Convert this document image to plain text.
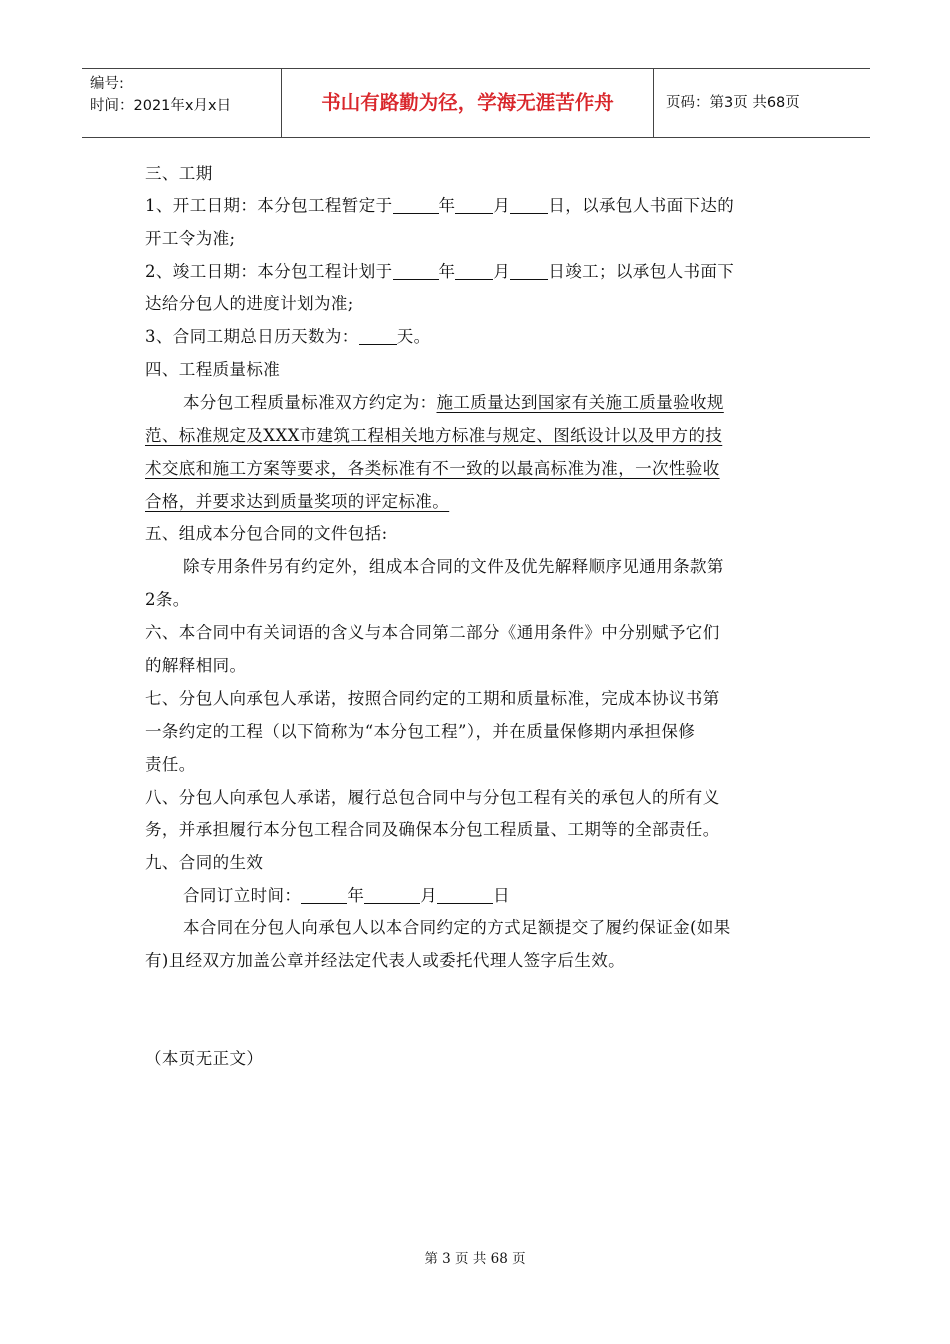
编号:
时间：2021年x月x日	书山有路勤为径，学海无涯苦作舟	页码：第3页 共68页
三、工期
1、开工日期：本分包工程暂定于	年 月 日，以承包人书面下达的
开工令为准;
2、竣工日期：本分包工程计划于	年 月 日竣工；以承包人书面下
达给分包人的进度计划为准;
3、合同工期总日历天数为： 天。
四、工程质量标准
本分包工程质量标准双方约定为：施工质量达到国家有关施工质量验收规
范、标准规定及XXX市建筑工程相关地方标准与规定、图纸设计以及甲方的技
术交底和施工方案等要求，各类标准有不一致的以最高标准为准，一次性验收
合格，并要求达到质量奖项的评定标准。
五、组成本分包合同的文件包括:
除专用条件另有约定外，组成本合同的文件及优先解释顺序见通用条款第
2条。
六、本合同中有关词语的含义与本合同第二部分《通用条件》中分别赋予它们
的解释相同。
七、分包人向承包人承诺，按照合同约定的工期和质量标准，完成本协议书第
一条约定的工程（以下简称为“本分包工程”），并在质量保修期内承担保修
责任。
八、分包人向承包人承诺，履行总包合同中与分包工程有关的承包人的所有义
务，并承担履行本分包工程合同及确保本分包工程质量、工期等的全部责任。
九、合同的生效
合同订立时间：	年	月	日
本合同在分包人向承包人以本合同约定的方式足额提交了履约保证金(如果
有)且经双方加盖公章并经法定代表人或委托代理人签字后生效。
（本页无正文）
第 3 页 共 68 页
